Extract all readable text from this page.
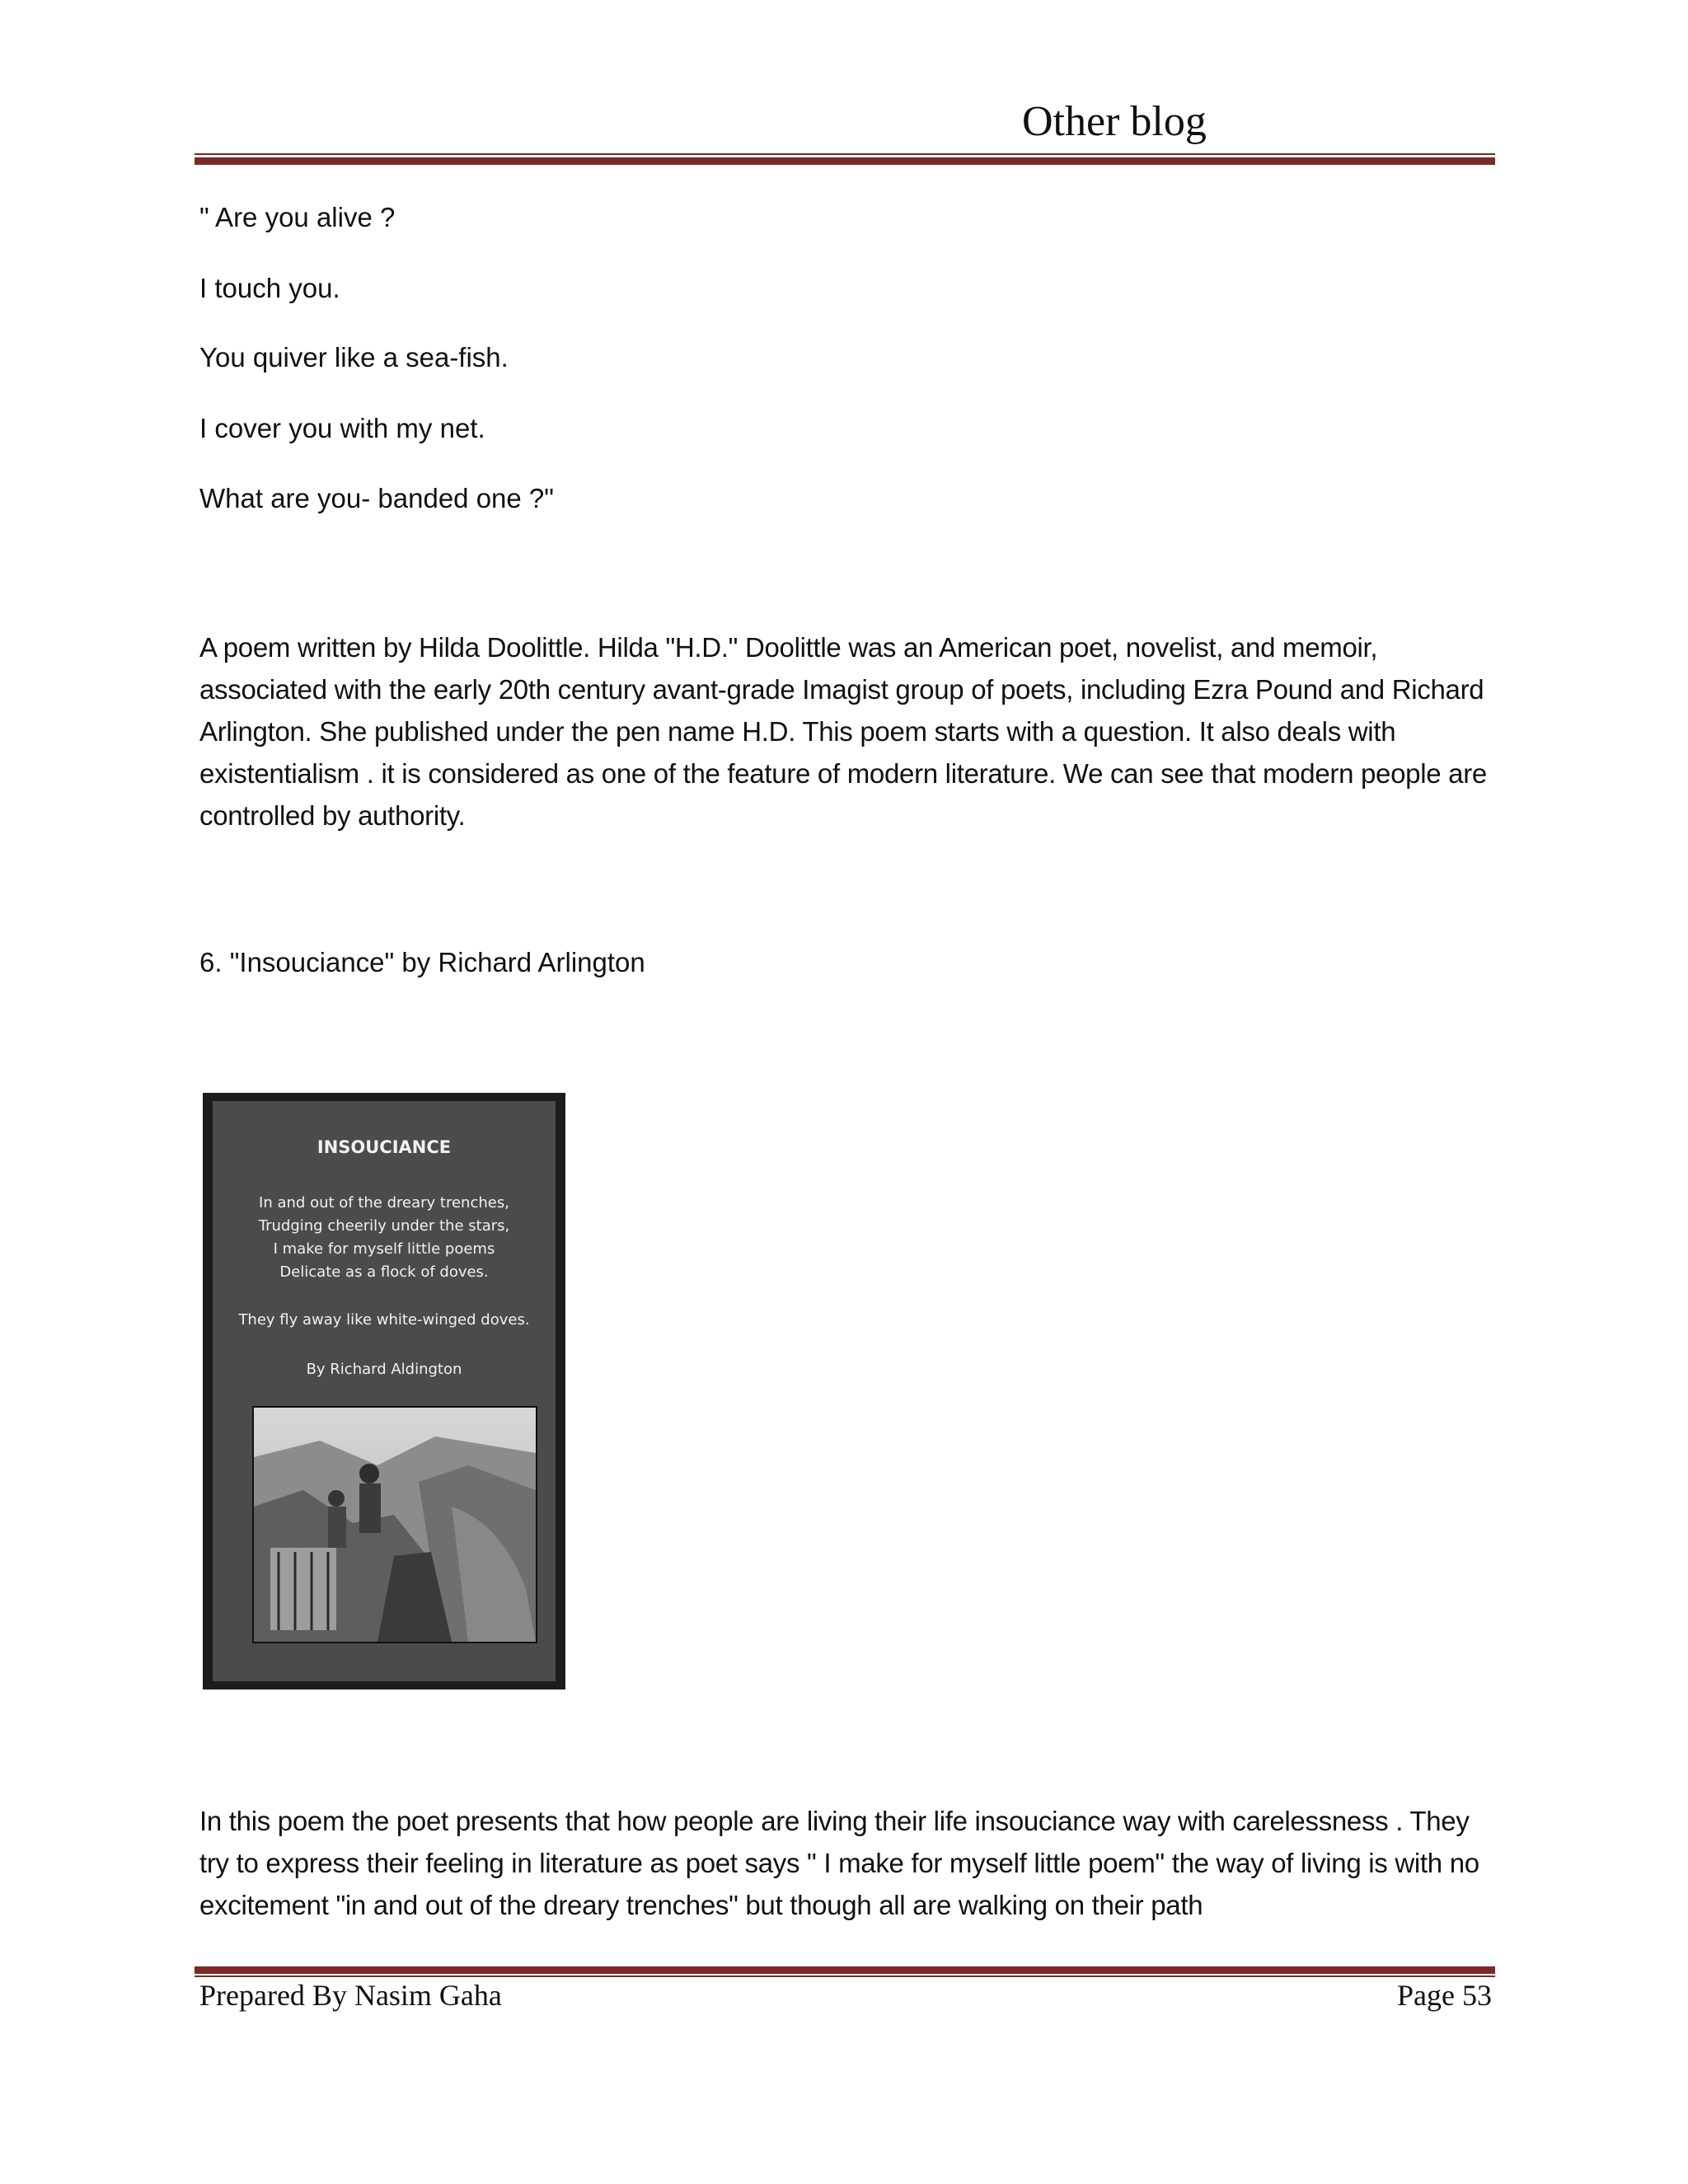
Other blog
" Are you alive ?
I touch you.
You quiver like a sea-fish.
I cover you with my net.
What are you- banded one ?"

A poem written by Hilda Doolittle. Hilda "H.D." Doolittle was an American poet, novelist, and memoir, associated with the early 20th century avant-grade Imagist group of poets, including Ezra Pound and Richard Arlington. She published under the pen name H.D. This poem starts with a question. It also deals with existentialism . it is considered as one of the feature of modern literature. We can see that modern people are controlled by authority.

6. "Insouciance" by Richard Arlington

In this poem the poet presents that how people are living their life insouciance way with carelessness . They try to express their feeling in literature as poet says " I make for myself little poem" the way of living is with no excitement "in and out of the dreary trenches" but though all are walking on their path

INSOUCIANCE
In and out of the dreary trenches,
Trudging cheerily under the stars,
I make for myself little poems
Delicate as a flock of doves.
They fly away like white-winged doves.
By Richard Aldington
Prepared By Nasim Gaha	Page 53
